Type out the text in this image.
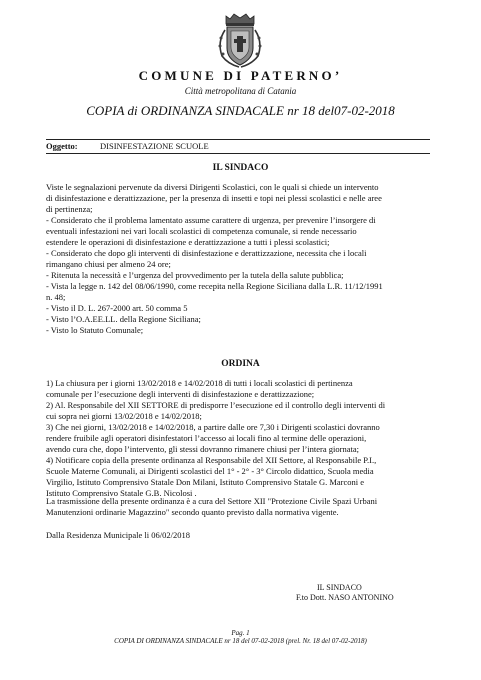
COMUNE DI PATERNO’
Città metropolitana di Catania
COPIA di ORDINANZA SINDACALE nr 18 del07-02-2018
Oggetto:	DISINFESTAZIONE SCUOLE
IL SINDACO
Viste le segnalazioni pervenute da diversi Dirigenti Scolastici, con le quali si chiede un intervento
di disinfestazione e derattizzazione, per la presenza di insetti e topi nei plessi scolastici e nelle aree
di pertinenza;
- Considerato che il problema lamentato assume carattere di urgenza, per prevenire l’insorgere di
eventuali infestazioni nei vari locali scolastici di competenza comunale, si rende necessario
estendere le operazioni di disinfestazione e derattizzazione a tutti i plessi scolastici;
- Considerato che dopo gli interventi di disinfestazione e derattizzazione, necessita che i locali
rimangano chiusi per almeno 24 ore;
- Ritenuta la necessità e l’urgenza del provvedimento per la tutela della salute pubblica;
- Vista la legge n. 142 del 08/06/1990, come recepita nella Regione Siciliana dalla L.R. 11/12/1991
n. 48;
- Visto il D. L. 267-2000 art. 50 comma 5
- Visto l’O.A.EE.LL. della Regione Siciliana;
- Visto lo Statuto Comunale;
ORDINA
1) La chiusura per i giorni 13/02/2018 e 14/02/2018 di tutti i locali scolastici di pertinenza
comunale per l’esecuzione degli interventi di disinfestazione e derattizzazione;
2) Al. Responsabile del XII SETTORE di predisporre l’esecuzione ed il controllo degli interventi di
cui sopra nei giorni 13/02/2018 e 14/02/2018;
3) Che nei giorni, 13/02/2018 e 14/02/2018, a partire dalle ore 7,30 i Dirigenti scolastici dovranno
rendere fruibile agli operatori disinfestatori l’accesso ai locali fino al termine delle operazioni,
avendo cura che, dopo l’intervento, gli stessi dovranno rimanere chiusi per l’intera giornata;
4) Notificare copia della presente ordinanza al Responsabile del XII Settore, al Responsabile P.I.,
Scuole Materne Comunali, ai Dirigenti scolastici del 1° - 2° - 3° Circolo didattico, Scuola media
Virgilio, Istituto Comprensivo Statale Don Milani, Istituto Comprensivo Statale G. Marconi e
Istituto Comprensivo Statale G.B. Nicolosi .
La trasmissione della presente ordinanza è a cura del Settore XII "Protezione Civile Spazi Urbani
Manutenzioni ordinarie Magazzino" secondo quanto previsto dalla normativa vigente.
Dalla Residenza Municipale li 06/02/2018
IL SINDACO
F.to Dott. NASO ANTONINO
Pag. 1
COPIA DI ORDINANZA SINDACALE nr 18 del 07-02-2018 (prel. Nr. 18 del 07-02-2018)
